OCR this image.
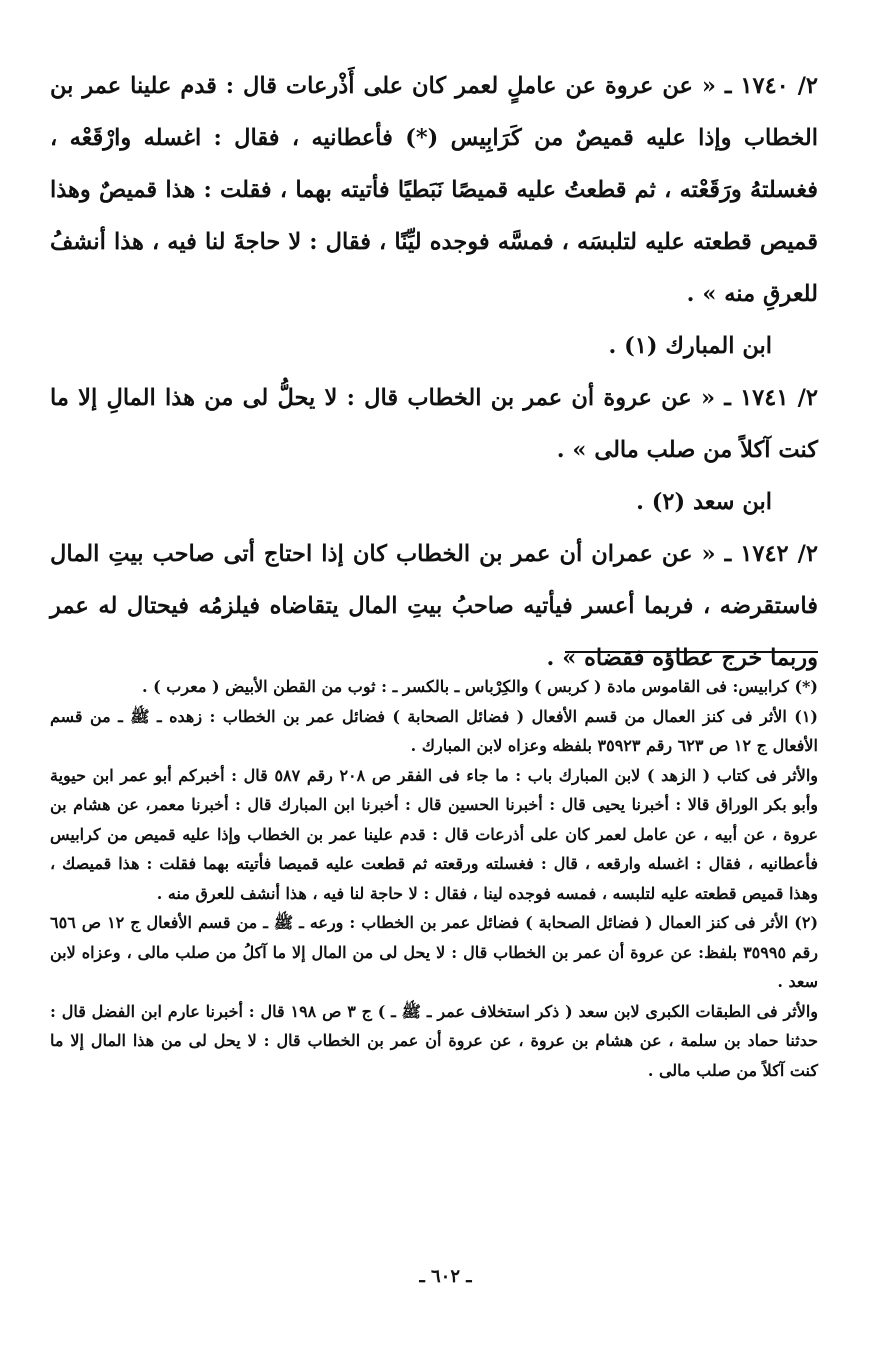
٢/ ١٧٤٠ ـ « عن عروة عن عاملٍ لعمر كان على أَذْرعات قال : قدم علينا عمر بن الخطاب وإذا عليه قميصٌ من كَرَابِيس (*) فأعطانيه ، فقال : اغسله وارْقَعْه ، فغسلتهُ ورَقَعْته ، ثم قطعتُ عليه قميصًا نَبَطيًا فأتيته بهما ، فقلت : هذا قميصٌ وهذا قميص قطعته عليه لتلبسَه ، فمسَّه فوجده ليِّنًا ، فقال : لا حاجةَ لنا فيه ، هذا أنشفُ للعرقِ منه » .

ابن المبارك (١) .

٢/ ١٧٤١ ـ « عن عروة أن عمر بن الخطاب قال : لا يحلُّ لى من هذا المالِ إلا ما كنت آكلاً من صلب مالى » .

ابن سعد (٢) .

٢/ ١٧٤٢ ـ « عن عمران أن عمر بن الخطاب كان إذا احتاج أتى صاحب بيتِ المال فاستقرضه ، فربما أعسر فيأتيه صاحبُ بيتِ المال يتقاضاه فيلزمُه فيحتال له عمر وربما خرج عطاؤه فقضاه » .

(*) كرابيس: فى القاموس مادة ( كربس ) والكِرْباس ـ بالكسر ـ : ثوب من القطن الأبيض ( معرب ) .

(١) الأثر فى كنز العمال من قسم الأفعال ( فضائل الصحابة ) فضائل عمر بن الخطاب : زهده ـ ﷺ ـ من قسم الأفعال ج ١٢ ص ٦٢٣ رقم ٣٥٩٢٣ بلفظه وعزاه لابن المبارك .

والأثر فى كتاب ( الزهد ) لابن المبارك باب : ما جاء فى الفقر ص ٢٠٨ رقم ٥٨٧ قال : أخبركم أبو عمر ابن حيوية وأبو بكر الوراق قالا : أخبرنا يحيى قال : أخبرنا الحسين قال : أخبرنا ابن المبارك قال : أخبرنا معمر، عن هشام بن عروة ، عن أبيه ، عن عامل لعمر كان على أذرعات قال : قدم علينا عمر بن الخطاب وإذا عليه قميص من كرابيس فأعطانيه ، فقال : اغسله وارقعه ، قال : فغسلته ورقعته ثم قطعت عليه قميصا فأتيته بهما فقلت : هذا قميصك ، وهذا قميص قطعته عليه لتلبسه ، فمسه فوجده لينا ، فقال : لا حاجة لنا فيه ، هذا أنشف للعرق منه .

(٢) الأثر فى كنز العمال ( فضائل الصحابة ) فضائل عمر بن الخطاب : ورعه ـ ﷺ ـ من قسم الأفعال ج ١٢ ص ٦٥٦ رقم ٣٥٩٩٥ بلفظ: عن عروة أن عمر بن الخطاب قال : لا يحل لى من المال إلا ما آكلُ من صلب مالى ، وعزاه لابن سعد .

والأثر فى الطبقات الكبرى لابن سعد ( ذكر استخلاف عمر ـ ﷺ ـ ) ج ٣ ص ١٩٨ قال : أخبرنا عارم ابن الفضل قال : حدثنا حماد بن سلمة ، عن هشام بن عروة ، عن عروة أن عمر بن الخطاب قال : لا يحل لى من هذا المال إلا ما كنت آكلاً من صلب مالى .

ـ ٦٠٢ ـ
